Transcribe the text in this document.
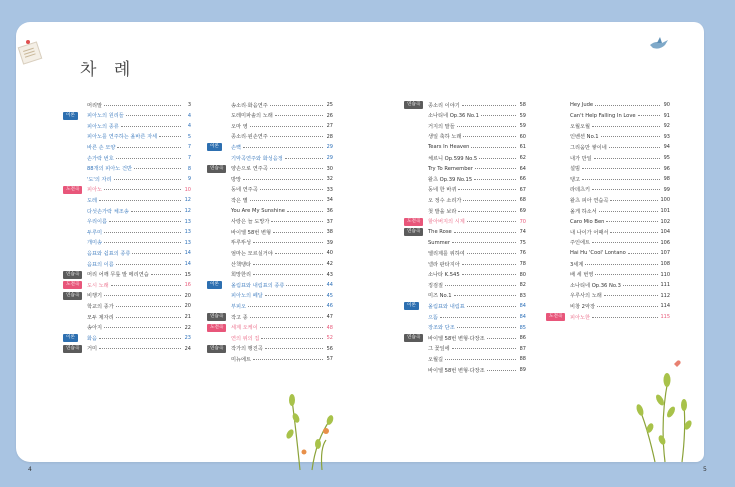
차 례
머리말	3
이론	피아노의 원리들	4
피아노의 종류	4
피아노를 연주하는 올바른 자세	5
바른 손 모양	7
손가락 번호	7
88개의 피아노 건반	8
'도'의 자리	9
도전곡	피아노	10
도레	12
다섯손가락 체조송	12
우리이름	13
두루미	13
개미송	13
음표와 쉼표의 종류	14
음표의 이름	14
연습곡	머리 어깨 무릎 발 메리연습	15
도전곡	도시 노래	16
연습곡	비행기	20
학교의 종가	20
모두 제자리	21
송아지	22
이론	화음	23
연습곡	거미	24
송소리·화음연주	25
도레미파솔의 노래	26
오마 영	27
종소리·왼손연주	28
이론	손뼉	29
기악곡연주와 화성음정	29
연습곡	양손으로 연주곡	30
방망	32
동네 연주곡	33
작은 별	34
You Are My Sunshine	36
사랑은 늘 도망가	37
바이엘 58번 변형	38
뚜루뚜성	39
엄마는 모르실거야	40
산책탱타	42
희망한리	43
이론	올림표와 내림표의 종류	44
피아노의 페달	45
부피오	46
연습곡	작고 종	47
도전곡	세계 오케이	48
연의 위의 집	52
연습곡	작가의 행진곡	56
미뉴에트	57
연습곡	종소리 이야기	58
소나티네 Op.36 No.1	59
거지의 말들	59
생일 축하 노래	60
Tears In Heaven	61
체르니 Op.599 No.5	62
Try To Remember	64
왈츠 Op.39 No.15	66
동네 한 바퀴	67
오 정수 소리가	68
첫 발을 보라	69
도전곡	할아버지의 시계	70
연습곡	The Rose	74
Summer	75
엘리제를 위하여	76
넬라 판타지아	78
소나타 K.545	80
징검질	82
미즈 No.1	83
이론	올림표와 내림표	84
으뜸	84
장조와 단조	85
연습곡	바이엘 58번 변형·다장조	86
그 꽃잎에	87
오월길	88
바이엘 58번 변형·다장조	89
Hey Jude	90
Can't Help Falling In Love	91
오월오월	92
인벤션 No.1	93
그리움만 쌓이네	94
내가 만일	95
설빔	96
탱고	98
라데츠키	99
왈츠 피아 연습곡	100
올게 하소서	101
Caro Mio Ben	102
내 나이가 어때서	104
주인에트	106
Hai Hu 'Cool' Lontano	107
3세계	108
배 세 번영	110
소나티네 Op.36 No.3	111
우루사의 노래	112
비창 2악장	114
도전곡	피아노한	115
4	5
